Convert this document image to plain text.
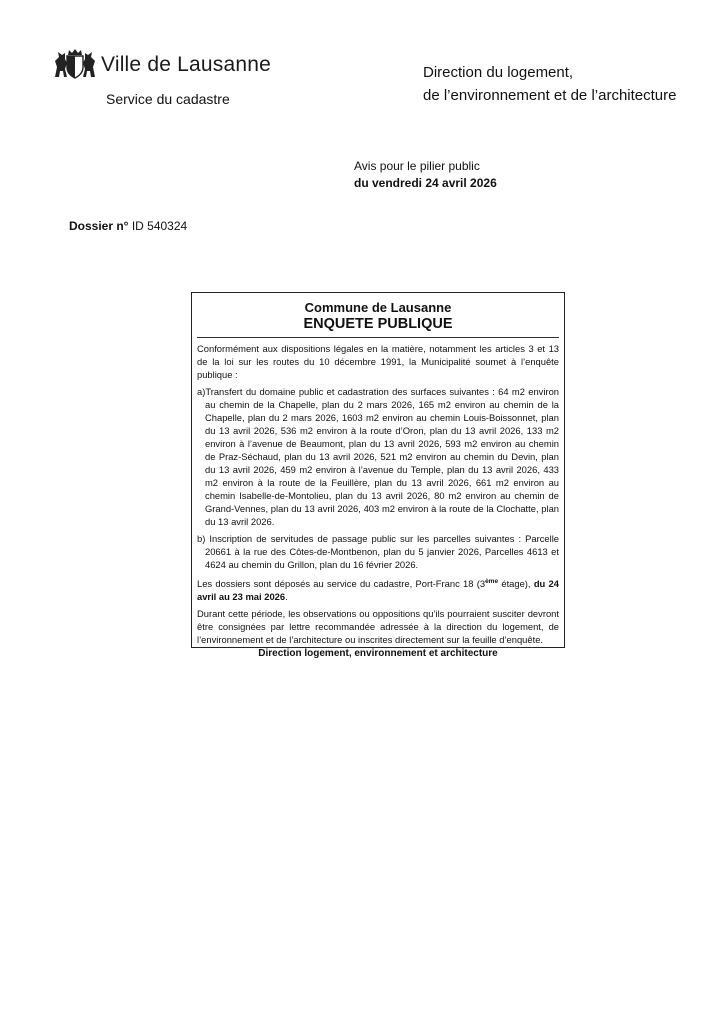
Ville de Lausanne
Service du cadastre
Direction du logement,
de l’environnement et de l’architecture
Avis pour le pilier public
du vendredi 24 avril 2026
Dossier n° ID 540324
Commune de Lausanne
ENQUETE PUBLIQUE

Conformément aux dispositions légales en la matière, notamment les articles 3 et 13 de la loi sur les routes du 10 décembre 1991, la Municipalité soumet à l’enquête publique :

a)Transfert du domaine public et cadastration des surfaces suivantes : 64 m2 environ au chemin de la Chapelle, plan du 2 mars 2026, 165 m2 environ au chemin de la Chapelle, plan du 2 mars 2026, 1603 m2 environ au chemin Louis-Boissonnet, plan du 13 avril 2026, 536 m2 environ à la route d’Oron, plan du 13 avril 2026, 133 m2 environ à l’avenue de Beaumont, plan du 13 avril 2026, 593 m2 environ au chemin de Praz-Séchaud, plan du 13 avril 2026, 521 m2 environ au chemin du Devin, plan du 13 avril 2026, 459 m2 environ à l’avenue du Temple, plan du 13 avril 2026, 433 m2 environ à la route de la Feuillère, plan du 13 avril 2026, 661 m2 environ au chemin Isabelle-de-Montolieu, plan du 13 avril 2026, 80 m2 environ au chemin de Grand-Vennes, plan du 13 avril 2026, 403 m2 environ à la route de la Clochatte, plan du 13 avril 2026.

b) Inscription de servitudes de passage public sur les parcelles suivantes : Parcelle 20661 à la rue des Côtes-de-Montbenon, plan du 5 janvier 2026, Parcelles 4613 et 4624 au chemin du Grillon, plan du 16 février 2026.

Les dossiers sont déposés au service du cadastre, Port-Franc 18 (3ème étage), du 24 avril au 23 mai 2026.

Durant cette période, les observations ou oppositions qu’ils pourraient susciter devront être consignées par lettre recommandée adressée à la direction du logement, de l’environnement et de l’architecture ou inscrites directement sur la feuille d’enquête.

Direction logement, environnement et architecture
